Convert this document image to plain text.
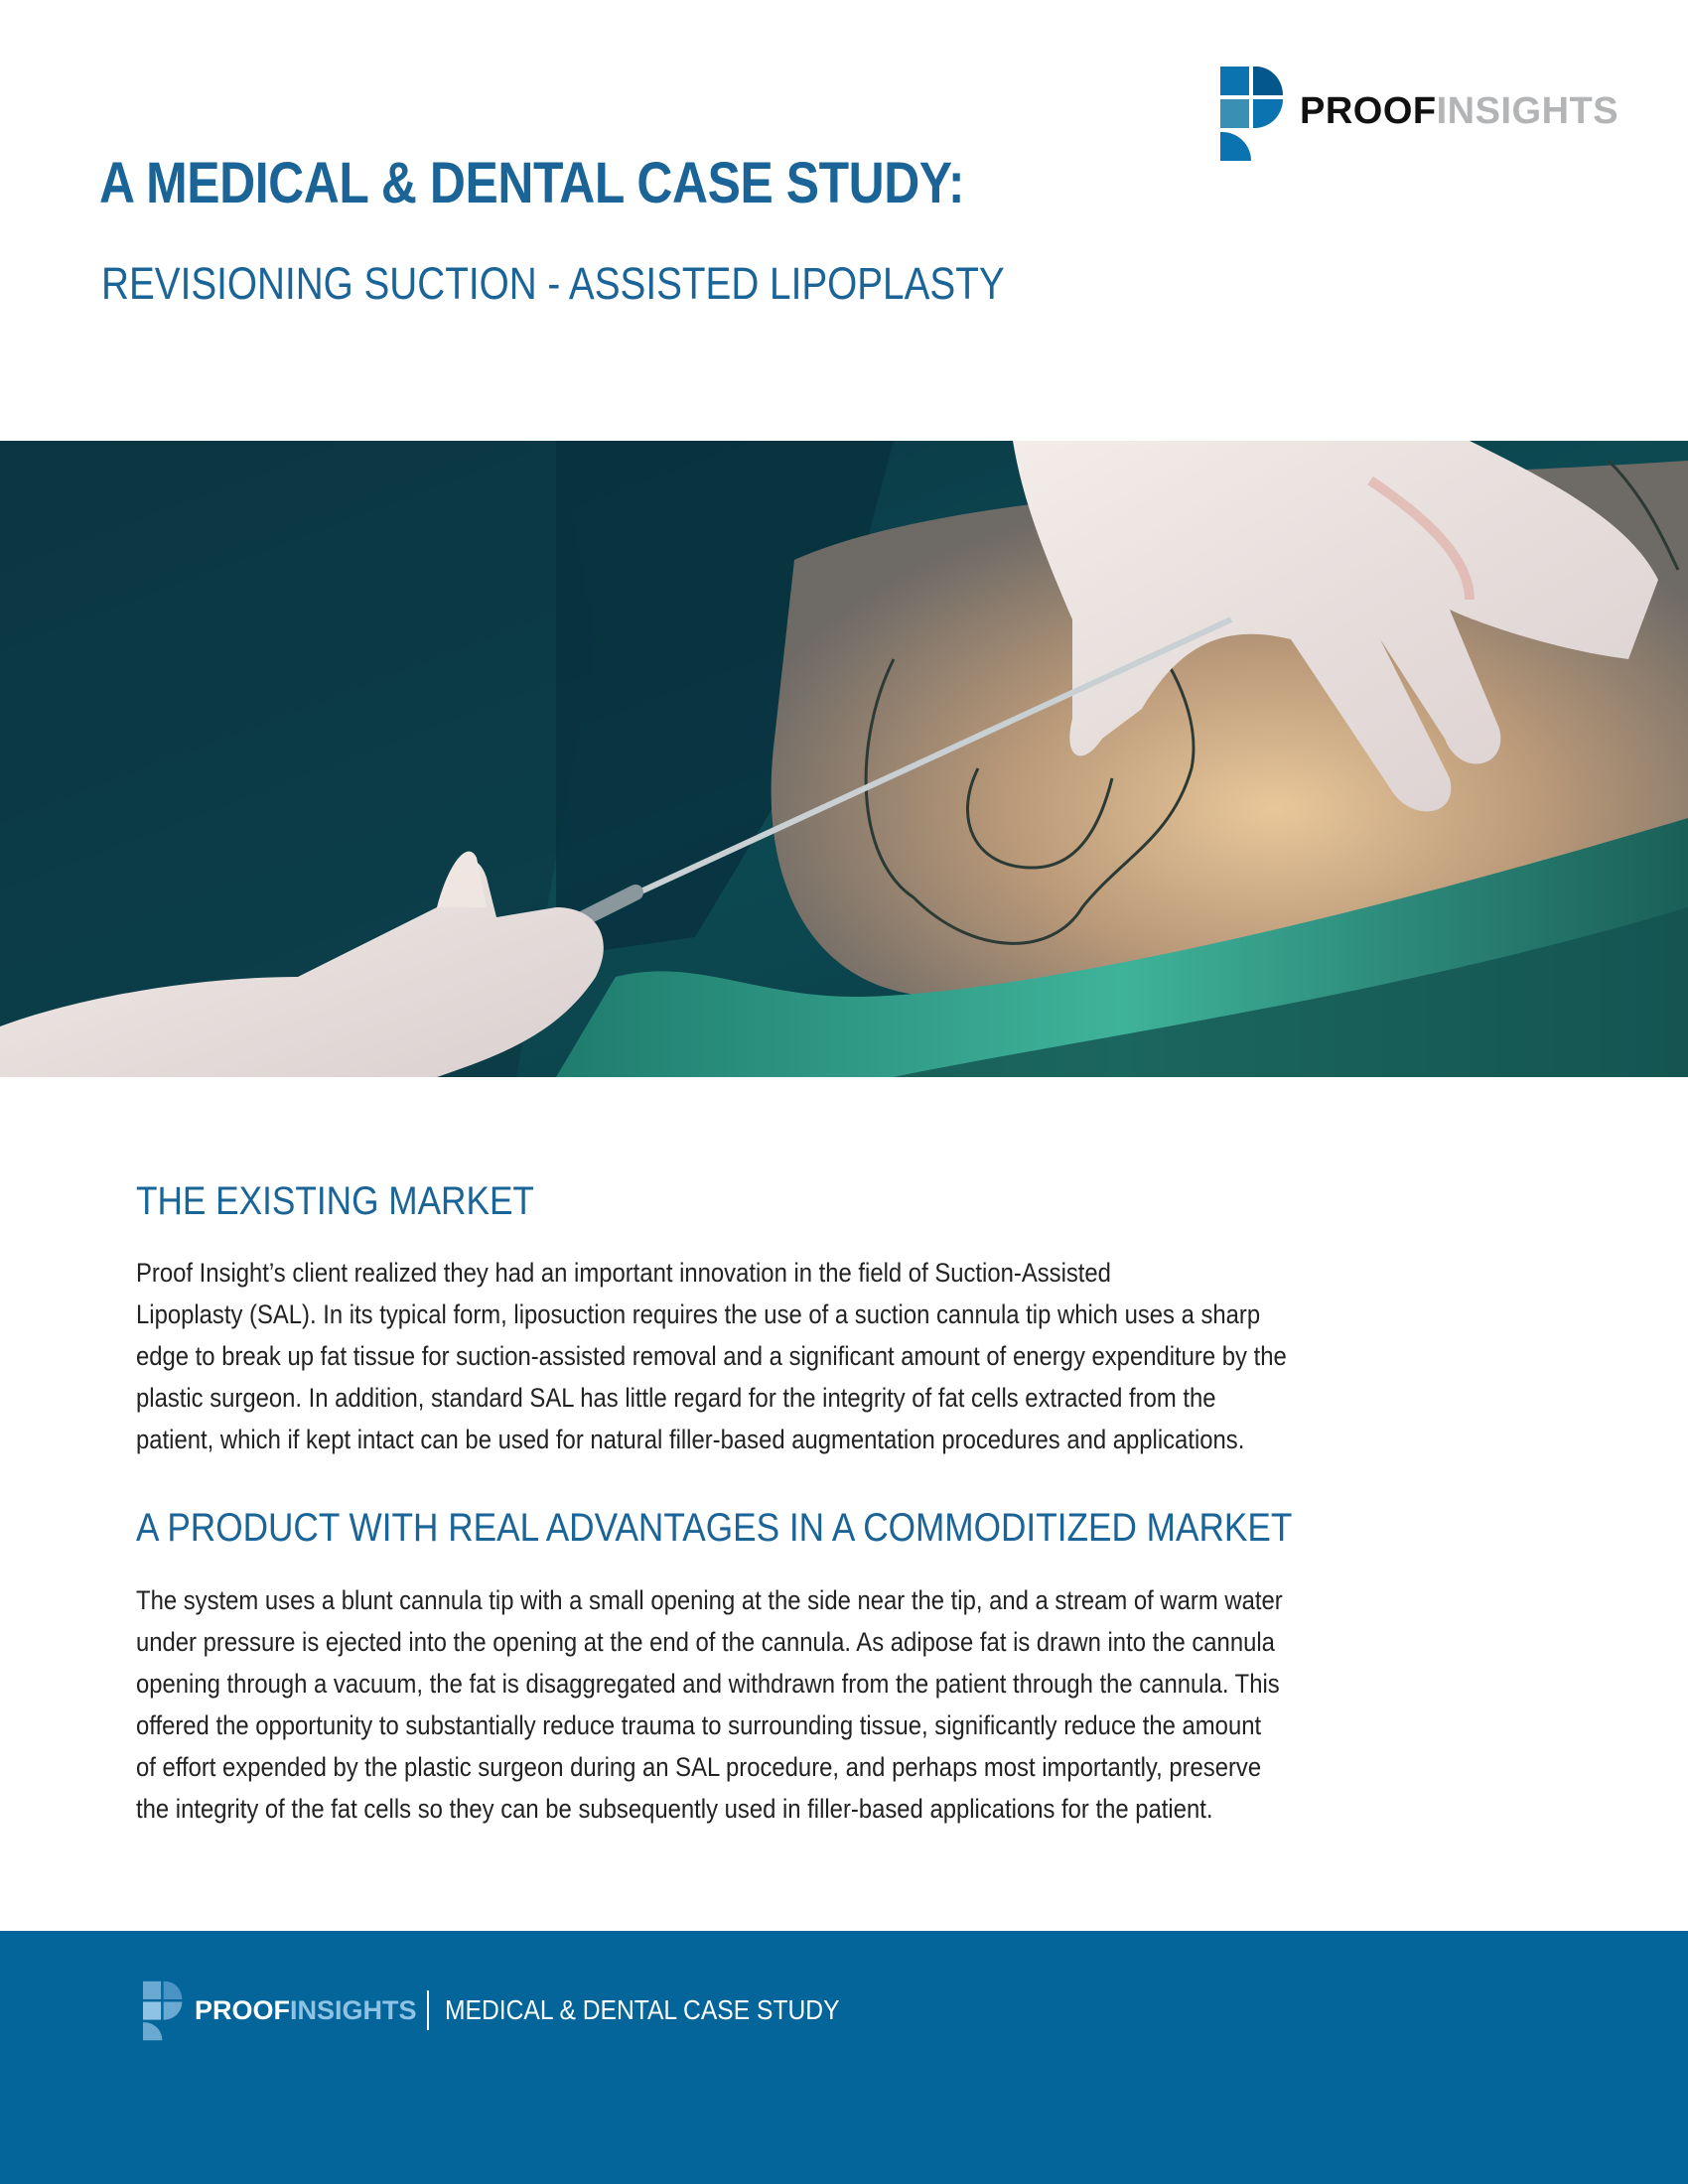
PROOFINSIGHTS
A MEDICAL & DENTAL CASE STUDY:
REVISIONING SUCTION - ASSISTED LIPOPLASTY
THE EXISTING MARKET

Proof Insight’s client realized they had an important innovation in the field of Suction-Assisted
Lipoplasty (SAL). In its typical form, liposuction requires the use of a suction cannula tip which uses a sharp
edge to break up fat tissue for suction-assisted removal and a significant amount of energy expenditure by the
plastic surgeon. In addition, standard SAL has little regard for the integrity of fat cells extracted from the
patient, which if kept intact can be used for natural filler-based augmentation procedures and applications.

A PRODUCT WITH REAL ADVANTAGES IN A COMMODITIZED MARKET

The system uses a blunt cannula tip with a small opening at the side near the tip, and a stream of warm water
under pressure is ejected into the opening at the end of the cannula. As adipose fat is drawn into the cannula
opening through a vacuum, the fat is disaggregated and withdrawn from the patient through the cannula. This
offered the opportunity to substantially reduce trauma to surrounding tissue, significantly reduce the amount
of effort expended by the plastic surgeon during an SAL procedure, and perhaps most importantly, preserve
the integrity of the fat cells so they can be subsequently used in filler-based applications for the patient.

PROOFINSIGHTS MEDICAL & DENTAL CASE STUDY
